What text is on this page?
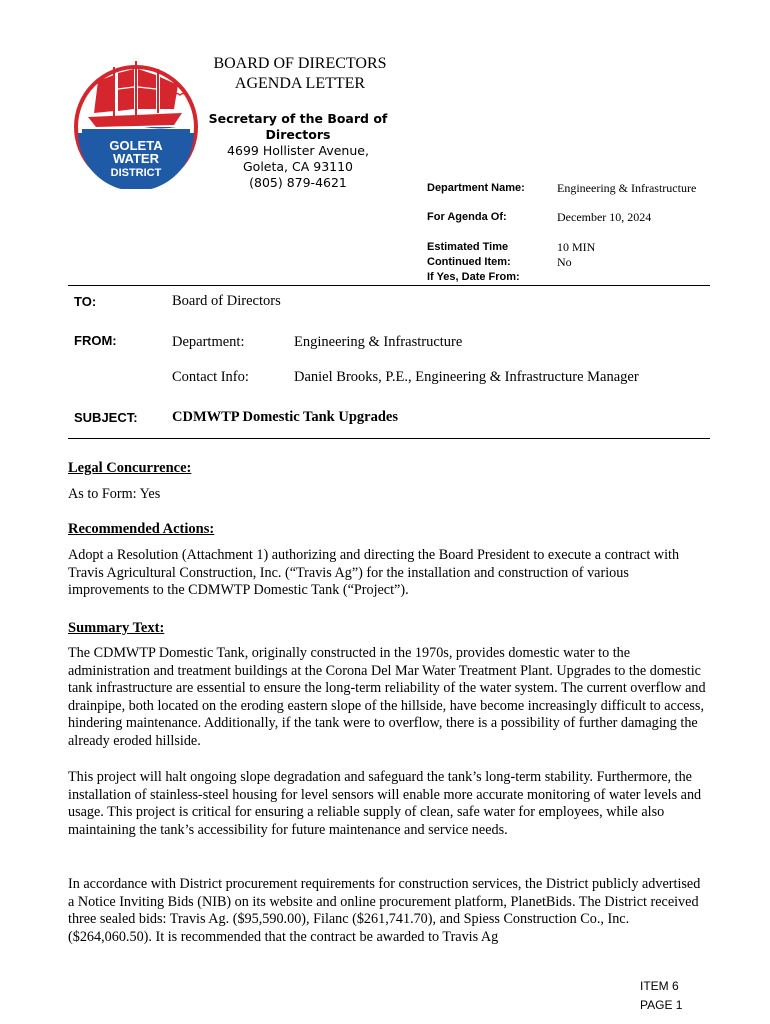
GOLETA
WATER
DISTRICT
BOARD OF DIRECTORS
AGENDA LETTER
Secretary of the Board of
Directors
4699 Hollister Avenue,
Goleta, CA 93110
(805) 879-4621	Department Name:	Engineering & Infrastructure
For Agenda Of:	December 10, 2024
Estimated Time	10 MIN
Continued Item:	No
If Yes, Date From:
TO:	Board of Directors
FROM:	Department:	Engineering & Infrastructure
Contact Info:	Daniel Brooks, P.E., Engineering & Infrastructure Manager
SUBJECT: CDMWTP Domestic Tank Upgrades
Legal Concurrence:
As to Form: Yes
Recommended Actions:
Adopt a Resolution (Attachment 1) authorizing and directing the Board President to execute a contract with Travis Agricultural Construction, Inc. (“Travis Ag”) for the installation and construction of various improvements to the CDMWTP Domestic Tank (“Project”).
Summary Text:
The CDMWTP Domestic Tank, originally constructed in the 1970s, provides domestic water to the administration and treatment buildings at the Corona Del Mar Water Treatment Plant. Upgrades to the domestic tank infrastructure are essential to ensure the long-term reliability of the water system. The current overflow and drainpipe, both located on the eroding eastern slope of the hillside, have become increasingly difficult to access, hindering maintenance. Additionally, if the tank were to overflow, there is a possibility of further damaging the already eroded hillside.
This project will halt ongoing slope degradation and safeguard the tank’s long-term stability. Furthermore, the installation of stainless-steel housing for level sensors will enable more accurate monitoring of water levels and usage. This project is critical for ensuring a reliable supply of clean, safe water for employees, while also maintaining the tank’s accessibility for future maintenance and service needs.
In accordance with District procurement requirements for construction services, the District publicly advertised a Notice Inviting Bids (NIB) on its website and online procurement platform, PlanetBids. The District received three sealed bids: Travis Ag. ($95,590.00), Filanc ($261,741.70), and Spiess Construction Co., Inc. ($264,060.50). It is recommended that the contract be awarded to Travis Ag
ITEM 6
PAGE 1
